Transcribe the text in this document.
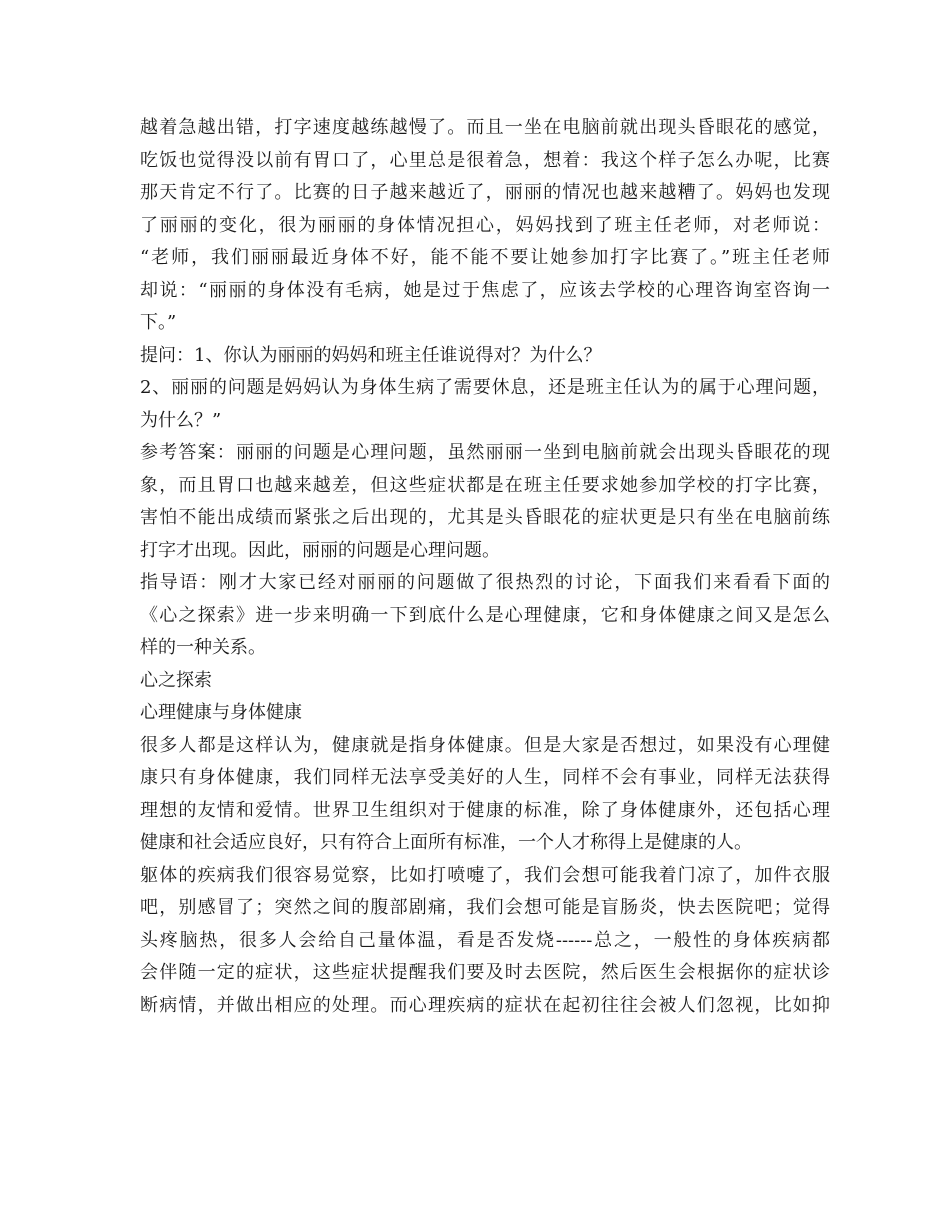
越着急越出错，打字速度越练越慢了。而且一坐在电脑前就出现头昏眼花的感觉，
吃饭也觉得没以前有胃口了，心里总是很着急，想着：我这个样子怎么办呢，比赛
那天肯定不行了。比赛的日子越来越近了，丽丽的情况也越来越糟了。妈妈也发现
了丽丽的变化，很为丽丽的身体情况担心，妈妈找到了班主任老师，对老师说：
“老师，我们丽丽最近身体不好，能不能不要让她参加打字比赛了。”班主任老师
却说：“丽丽的身体没有毛病，她是过于焦虑了，应该去学校的心理咨询室咨询一
下。”
提问：1、你认为丽丽的妈妈和班主任谁说得对？为什么？
2、丽丽的问题是妈妈认为身体生病了需要休息，还是班主任认为的属于心理问题，
为什么？”
参考答案：丽丽的问题是心理问题，虽然丽丽一坐到电脑前就会出现头昏眼花的现
象，而且胃口也越来越差，但这些症状都是在班主任要求她参加学校的打字比赛，
害怕不能出成绩而紧张之后出现的，尤其是头昏眼花的症状更是只有坐在电脑前练
打字才出现。因此，丽丽的问题是心理问题。
指导语：刚才大家已经对丽丽的问题做了很热烈的讨论，下面我们来看看下面的
《心之探索》进一步来明确一下到底什么是心理健康，它和身体健康之间又是怎么
样的一种关系。
心之探索
心理健康与身体健康
很多人都是这样认为，健康就是指身体健康。但是大家是否想过，如果没有心理健
康只有身体健康，我们同样无法享受美好的人生，同样不会有事业，同样无法获得
理想的友情和爱情。世界卫生组织对于健康的标准，除了身体健康外，还包括心理
健康和社会适应良好，只有符合上面所有标准，一个人才称得上是健康的人。
躯体的疾病我们很容易觉察，比如打喷嚏了，我们会想可能我着门凉了，加件衣服
吧，别感冒了；突然之间的腹部剧痛，我们会想可能是盲肠炎，快去医院吧；觉得
头疼脑热，很多人会给自己量体温，看是否发烧------总之，一般性的身体疾病都
会伴随一定的症状，这些症状提醒我们要及时去医院，然后医生会根据你的症状诊
断病情，并做出相应的处理。而心理疾病的症状在起初往往会被人们忽视，比如抑
